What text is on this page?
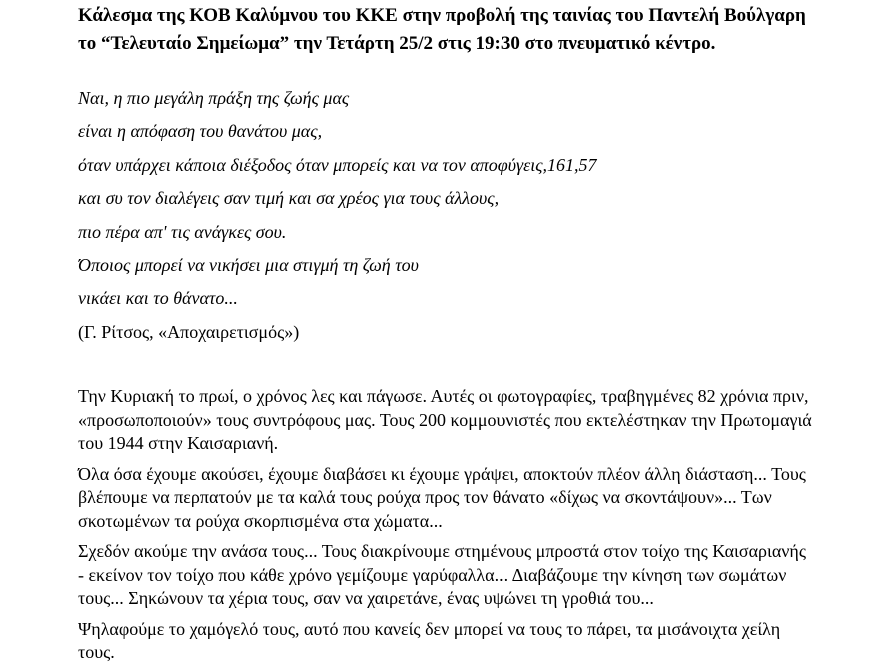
Κάλεσμα της ΚΟΒ Καλύμνου του ΚΚΕ στην προβολή της ταινίας του Παντελή Βούλγαρη το “Τελευταίο Σημείωμα” την Τετάρτη 25/2 στις 19:30 στο πνευματικό κέντρο.

Ναι, η πιο μεγάλη πράξη της ζωής μας

είναι η απόφαση του θανάτου μας,

όταν υπάρχει κάποια διέξοδος όταν μπορείς και να τον αποφύγεις,161,57

και συ τον διαλέγεις σαν τιμή και σα χρέος για τους άλλους,

πιο πέρα απ' τις ανάγκες σου.

Όποιος μπορεί να νικήσει μια στιγμή τη ζωή του

νικάει και το θάνατο...

(Γ. Ρίτσος, «Αποχαιρετισμός»)

Την Κυριακή το πρωί, ο χρόνος λες και πάγωσε. Αυτές οι φωτογραφίες, τραβηγμένες 82 χρόνια πριν, «προσωποποιούν» τους συντρόφους μας. Τους 200 κομμουνιστές που εκτελέστηκαν την Πρωτομαγιά του 1944 στην Καισαριανή.

Όλα όσα έχουμε ακούσει, έχουμε διαβάσει κι έχουμε γράψει, αποκτούν πλέον άλλη διάσταση... Τους βλέπουμε να περπατούν με τα καλά τους ρούχα προς τον θάνατο «δίχως να σκοντάψουν»... Των σκοτωμένων τα ρούχα σκορπισμένα στα χώματα...

Σχεδόν ακούμε την ανάσα τους... Τους διακρίνουμε στημένους μπροστά στον τοίχο της Καισαριανής - εκείνον τον τοίχο που κάθε χρόνο γεμίζουμε γαρύφαλλα... Διαβάζουμε την κίνηση των σωμάτων τους... Σηκώνουν τα χέρια τους, σαν να χαιρετάνε, ένας υψώνει τη γροθιά του...

Ψηλαφούμε το χαμόγελό τους, αυτό που κανείς δεν μπορεί να τους το πάρει, τα μισάνοιχτα χείλη τους.
